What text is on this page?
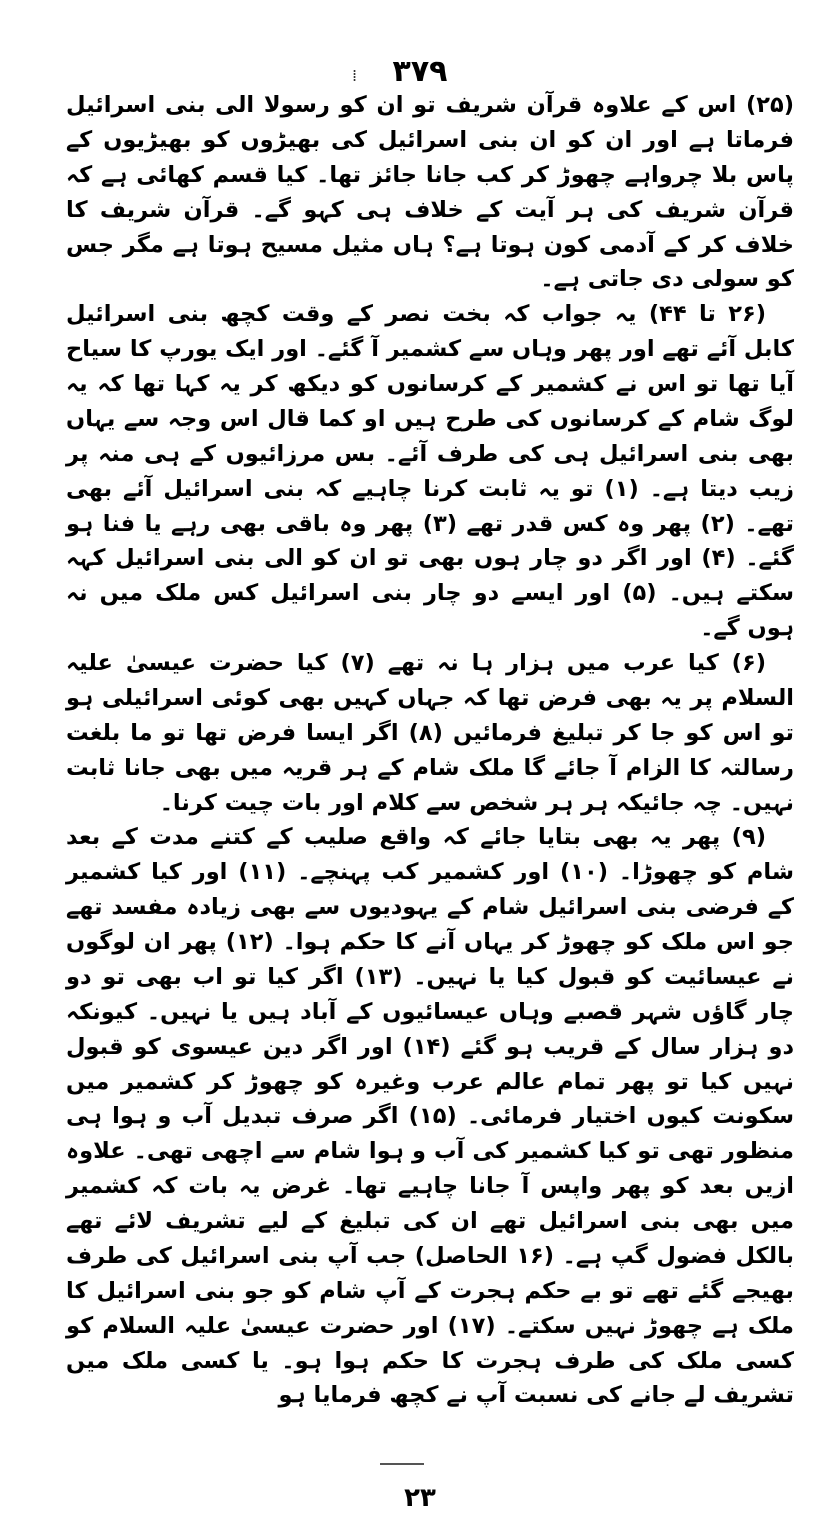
۳۷۹
⁞

(۲۵) اس کے علاوہ قرآن شریف تو ان کو رسولا الی بنی اسرائیل فرماتا ہے اور ان کو ان بنی اسرائیل کی بھیڑوں کو بھیڑیوں کے پاس بلا چرواہے چھوڑ کر کب جانا جائز تھا۔ کیا قسم کھائی ہے کہ قرآن شریف کی ہر آیت کے خلاف ہی کہو گے۔ قرآن شریف کا خلاف کر کے آدمی کون ہوتا ہے؟ ہاں مثیل مسیح ہوتا ہے مگر جس کو سولی دی جاتی ہے۔

(۲۶ تا ۴۴) یہ جواب کہ بخت نصر کے وقت کچھ بنی اسرائیل کابل آئے تھے اور پھر وہاں سے کشمیر آ گئے۔ اور ایک یورپ کا سیاح آیا تھا تو اس نے کشمیر کے کرسانوں کو دیکھ کر یہ کہا تھا کہ یہ لوگ شام کے کرسانوں کی طرح ہیں او کما قال اس وجہ سے یہاں بھی بنی اسرائیل ہی کی طرف آئے۔ بس مرزائیوں کے ہی منہ پر زیب دیتا ہے۔ (۱) تو یہ ثابت کرنا چاہیے کہ بنی اسرائیل آئے بھی تھے۔ (۲) پھر وہ کس قدر تھے (۳) پھر وہ باقی بھی رہے یا فنا ہو گئے۔ (۴) اور اگر دو چار ہوں بھی تو ان کو الی بنی اسرائیل کہہ سکتے ہیں۔ (۵) اور ایسے دو چار بنی اسرائیل کس ملک میں نہ ہوں گے۔

(۶) کیا عرب میں ہزار ہا نہ تھے (۷) کیا حضرت عیسیٰ علیہ السلام پر یہ بھی فرض تھا کہ جہاں کہیں بھی کوئی اسرائیلی ہو تو اس کو جا کر تبلیغ فرمائیں (۸) اگر ایسا فرض تھا تو ما بلغت رسالتہ کا الزام آ جائے گا ملک شام کے ہر قریہ میں بھی جانا ثابت نہیں۔ چہ جائیکہ ہر ہر شخص سے کلام اور بات چیت کرنا۔

(۹) پھر یہ بھی بتایا جائے کہ واقع صلیب کے کتنے مدت کے بعد شام کو چھوڑا۔ (۱۰) اور کشمیر کب پہنچے۔ (۱۱) اور کیا کشمیر کے فرضی بنی اسرائیل شام کے یہودیوں سے بھی زیادہ مفسد تھے جو اس ملک کو چھوڑ کر یہاں آنے کا حکم ہوا۔ (۱۲) پھر ان لوگوں نے عیسائیت کو قبول کیا یا نہیں۔ (۱۳) اگر کیا تو اب بھی تو دو چار گاؤں شہر قصبے وہاں عیسائیوں کے آباد ہیں یا نہیں۔ کیونکہ دو ہزار سال کے قریب ہو گئے (۱۴) اور اگر دین عیسوی کو قبول نہیں کیا تو پھر تمام عالم عرب وغیرہ کو چھوڑ کر کشمیر میں سکونت کیوں اختیار فرمائی۔ (۱۵) اگر صرف تبدیل آب و ہوا ہی منظور تھی تو کیا کشمیر کی آب و ہوا شام سے اچھی تھی۔ علاوہ ازیں بعد کو پھر واپس آ جانا چاہیے تھا۔ غرض یہ بات کہ کشمیر میں بھی بنی اسرائیل تھے ان کی تبلیغ کے لیے تشریف لائے تھے بالکل فضول گپ ہے۔ (۱۶ الحاصل) جب آپ بنی اسرائیل کی طرف بھیجے گئے تھے تو بے حکم ہجرت کے آپ شام کو جو بنی اسرائیل کا ملک ہے چھوڑ نہیں سکتے۔ (۱۷) اور حضرت عیسیٰ علیہ السلام کو کسی ملک کی طرف ہجرت کا حکم ہوا ہو۔ یا کسی ملک میں تشریف لے جانے کی نسبت آپ نے کچھ فرمایا ہو

۲۳
